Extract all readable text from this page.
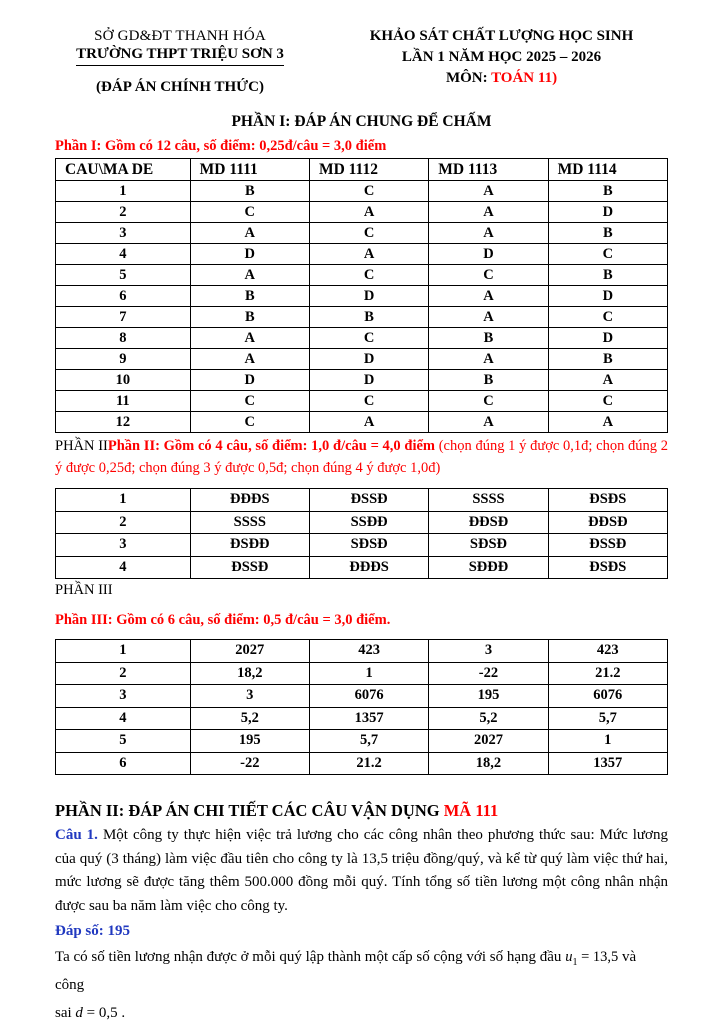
SỞ GD&ĐT THANH HÓA
TRƯỜNG THPT TRIỆU SƠN 3
(ĐÁP ÁN CHÍNH THỨC)
KHẢO SÁT CHẤT LƯỢNG HỌC SINH
LẦN 1 NĂM HỌC 2025 – 2026
MÔN: TOÁN 11)
PHẦN I: ĐÁP ÁN CHUNG ĐỂ CHẤM
Phần I: Gồm có 12 câu, số điểm: 0,25đ/câu = 3,0 điểm
CAU\MA DE	MD 1111	MD 1112	MD 1113	MD 1114
1	B	C	A	B
2	C	A	A	D
3	A	C	A	B
4	D	A	D	C
5	A	C	C	B
6	B	D	A	D
7	B	B	A	C
8	A	C	B	D
9	A	D	A	B
10	D	D	B	A
11	C	C	C	C
12	C	A	A	A
PHẦN IIPhần II: Gồm có 4 câu, số điểm: 1,0 đ/câu = 4,0 điểm (chọn đúng 1 ý được 0,1đ; chọn đúng 2 ý được 0,25đ; chọn đúng 3 ý được 0,5đ; chọn đúng 4 ý được 1,0đ)
1	ĐĐĐS	ĐSSĐ	SSSS	ĐSĐS
2	SSSS	SSĐĐ	ĐĐSĐ	ĐĐSĐ
3	ĐSĐĐ	SĐSĐ	SĐSĐ	ĐSSĐ
4	ĐSSĐ	ĐĐĐS	SĐĐĐ	ĐSĐS
PHẦN III
Phần III: Gồm có 6 câu, số điểm: 0,5 đ/câu = 3,0 điểm.
1	2027	423	3	423
2	18,2	1	-22	21.2
3	3	6076	195	6076
4	5,2	1357	5,2	5,7
5	195	5,7	2027	1
6	-22	21.2	18,2	1357
PHẦN II: ĐÁP ÁN CHI TIẾT CÁC CÂU VẬN DỤNG MÃ 111
Câu 1. Một công ty thực hiện việc trả lương cho các công nhân theo phương thức sau: Mức lương của quý (3 tháng) làm việc đầu tiên cho công ty là 13,5 triệu đồng/quý, và kể từ quý làm việc thứ hai, mức lương sẽ được tăng thêm 500.000 đồng mỗi quý. Tính tổng số tiền lương một công nhân nhận được sau ba năm làm việc cho công ty.
Đáp số: 195
Ta có số tiền lương nhận được ở mỗi quý lập thành một cấp số cộng với số hạng đầu $u_1 = 13,5$ và công
sai d = 0,5 .
